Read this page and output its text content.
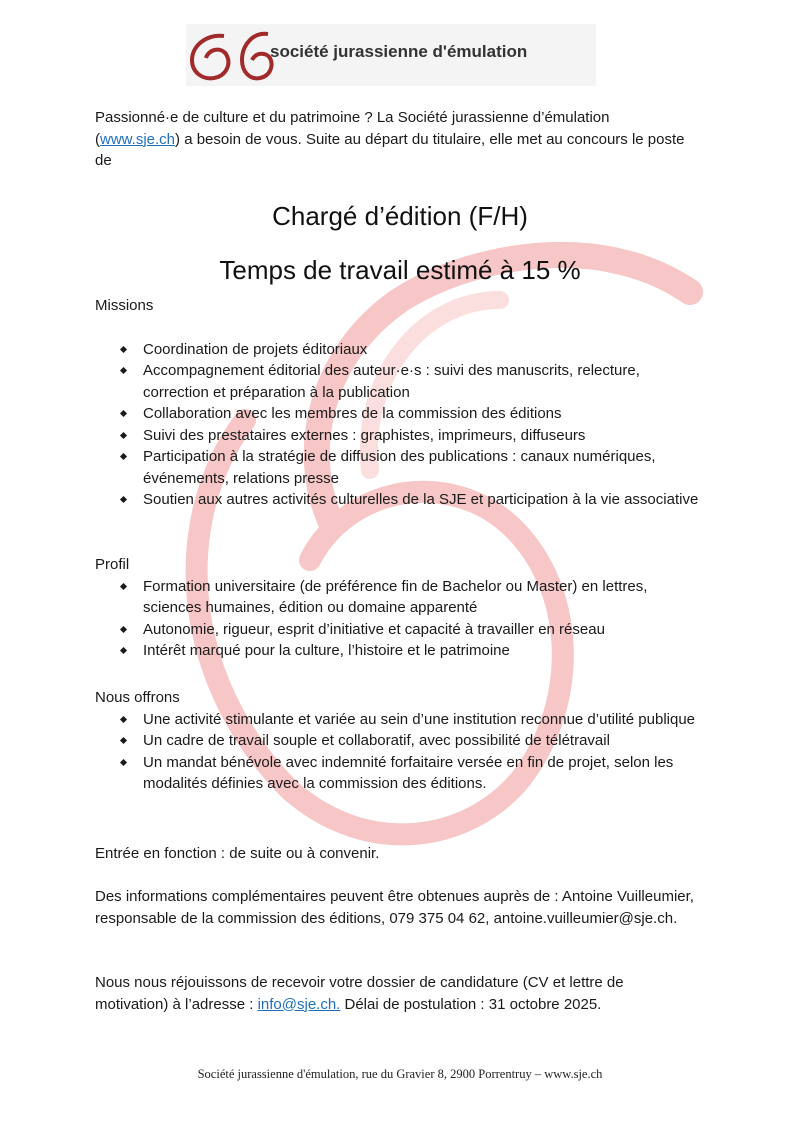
société jurassienne d'émulation
Passionné·e de culture et du patrimoine ? La Société jurassienne d’émulation (www.sje.ch) a besoin de vous. Suite au départ du titulaire, elle met au concours le poste de
Chargé d’édition (F/H)
Temps de travail estimé à 15 %
Missions
Coordination de projets éditoriaux
Accompagnement éditorial des auteur·e·s : suivi des manuscrits, relecture, correction et préparation à la publication
Collaboration avec les membres de la commission des éditions
Suivi des prestataires externes : graphistes, imprimeurs, diffuseurs
Participation à la stratégie de diffusion des publications : canaux numériques, événements, relations presse
Soutien aux autres activités culturelles de la SJE et participation à la vie associative
Profil
Formation universitaire (de préférence fin de Bachelor ou Master) en lettres, sciences humaines, édition ou domaine apparenté
Autonomie, rigueur, esprit d’initiative et capacité à travailler en réseau
Intérêt marqué pour la culture, l’histoire et le patrimoine
Nous offrons
Une activité stimulante et variée au sein d’une institution reconnue d’utilité publique
Un cadre de travail souple et collaboratif, avec possibilité de télétravail
Un mandat bénévole avec indemnité forfaitaire versée en fin de projet, selon les modalités définies avec la commission des éditions.
Entrée en fonction : de suite ou à convenir.
Des informations complémentaires peuvent être obtenues auprès de : Antoine Vuilleumier, responsable de la commission des éditions, 079 375 04 62, antoine.vuilleumier@sje.ch.
Nous nous réjouissons de recevoir votre dossier de candidature (CV et lettre de motivation) à l’adresse : info@sje.ch. Délai de postulation : 31 octobre 2025.
Société jurassienne d'émulation, rue du Gravier 8, 2900 Porrentruy – www.sje.ch
